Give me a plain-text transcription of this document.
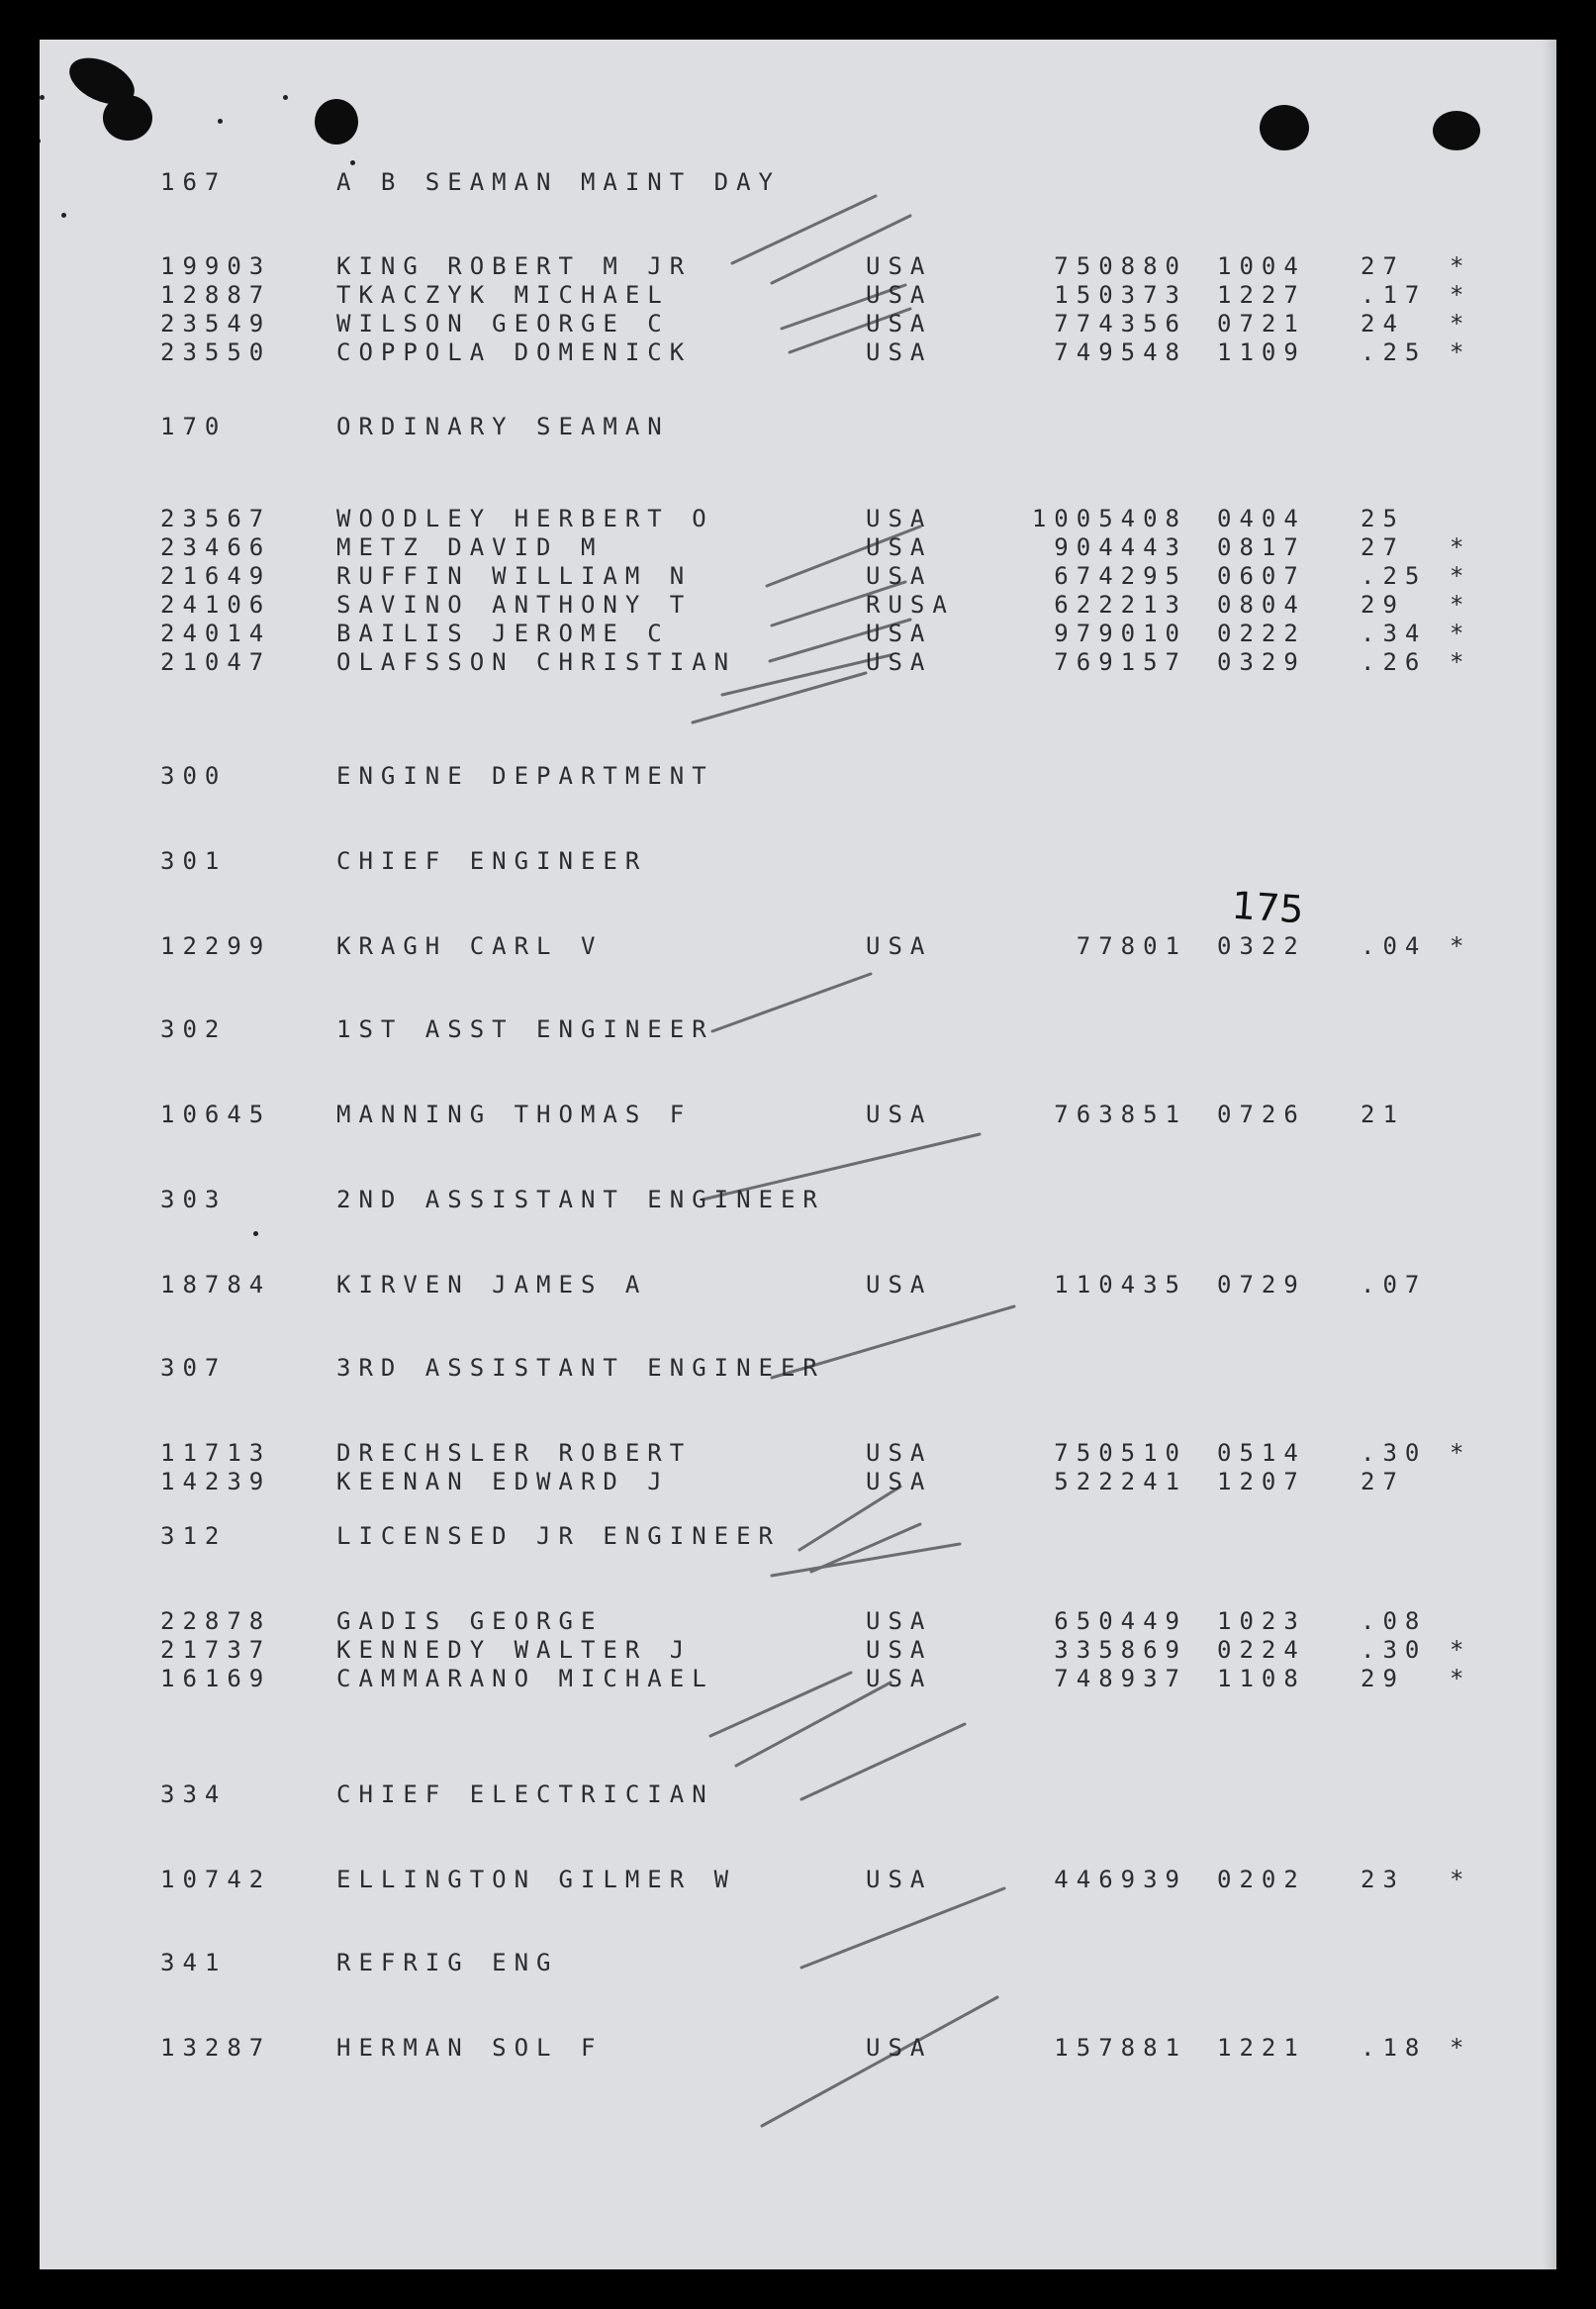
175
167	A B SEAMAN MAINT DAY
19903	KING ROBERT M JR	USA	750880 1004 27 *
12887	TKACZYK MICHAEL	USA	150373 1227 .17 *
23549	WILSON GEORGE C	USA	774356 0721 24 *
23550	COPPOLA DOMENICK	USA	749548 1109 .25 *
170	ORDINARY SEAMAN
23567	WOODLEY HERBERT O	USA	1005408 0404 25
23466	METZ DAVID M	USA	904443 0817 27 *
21649	RUFFIN WILLIAM N	USA	674295 0607 .25 *
24106	SAVINO ANTHONY T	RUSA	622213 0804 29 *
24014	BAILIS JEROME C	USA	979010 0222 .34 *
21047	OLAFSSON CHRISTIAN	USA	769157 0329 .26 *
300	ENGINE DEPARTMENT
301	CHIEF ENGINEER
12299	KRAGH CARL V	USA	77801 0322 .04 *
302	1ST ASST ENGINEER
10645	MANNING THOMAS F	USA	763851 0726 21
303	2ND ASSISTANT ENGINEER
18784	KIRVEN JAMES A	USA	110435 0729 .07
307	3RD ASSISTANT ENGINEER
11713	DRECHSLER ROBERT	USA	750510 0514 .30 *
14239	KEENAN EDWARD J	USA	522241 1207 27
312	LICENSED JR ENGINEER
22878	GADIS GEORGE	USA	650449 1023 .08
21737	KENNEDY WALTER J	USA	335869 0224 .30 *
16169	CAMMARANO MICHAEL	USA	748937 1108 29 *
334	CHIEF ELECTRICIAN
10742	ELLINGTON GILMER W	USA	446939 0202 23 *
341	REFRIG ENG
13287	HERMAN SOL F	USA	157881 1221 .18 *
